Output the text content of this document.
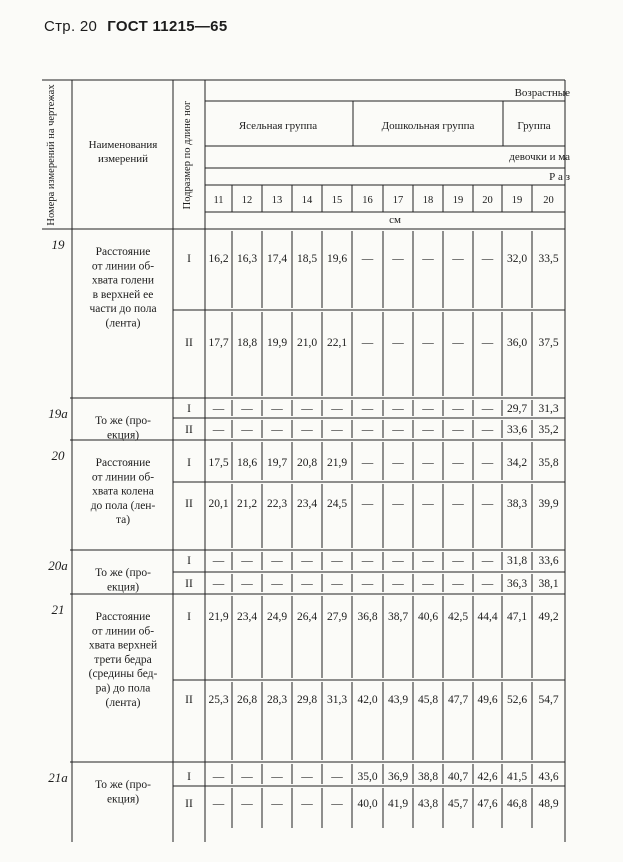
Стр. 20 ГОСТ 11215—65
Номера измерений на чертежах	Наименования измерений	Подразмер по длине ног
Возрастные
Ясельная группа	Дошкольная группа	Группа
девочки и ма
Р а з
см
11 12 13 14 15 16 17 18 19 20 19 20
19	Расстояние
от линии об-
хвата голени
в верхней ее
части до пола
(лента)
I 16,2 16,3 17,4 18,5 19,6 — — — — — 32,0 33,5
II 17,7 18,8 19,9 21,0 22,1 — — — — — 36,0 37,5
19а То же (про-
екция)
I — — — — — — — — — — 29,7 31,3
II — — — — — — — — — — 33,6 35,2
20	Расстояние
от линии об-
хвата колена
до пола (лен-
та)
I 17,5 18,6 19,7 20,8 21,9 — — — — — 34,2 35,8
II 20,1 21,2 22,3 23,4 24,5 — — — — — 38,3 39,9
20а То же (про-
екция)
I — — — — — — — — — — 31,8 33,6
II — — — — — — — — — — 36,3 38,1
21	Расстояние
от линии об-
хвата верхней
трети бедра
(средины бед-
ра) до пола
(лента)
I 21,9 23,4 24,9 26,4 27,9 36,8 38,7 40,6 42,5 44,4 47,1 49,2
II 25,3 26,8 28,3 29,8 31,3 42,0 43,9 45,8 47,7 49,6 52,6 54,7
21а То же (про-
екция)
I — — — — — 35,0 36,9 38,8 40,7 42,6 41,5 43,6
II — — — — — 40,0 41,9 43,8 45,7 47,6 46,8 48,9
